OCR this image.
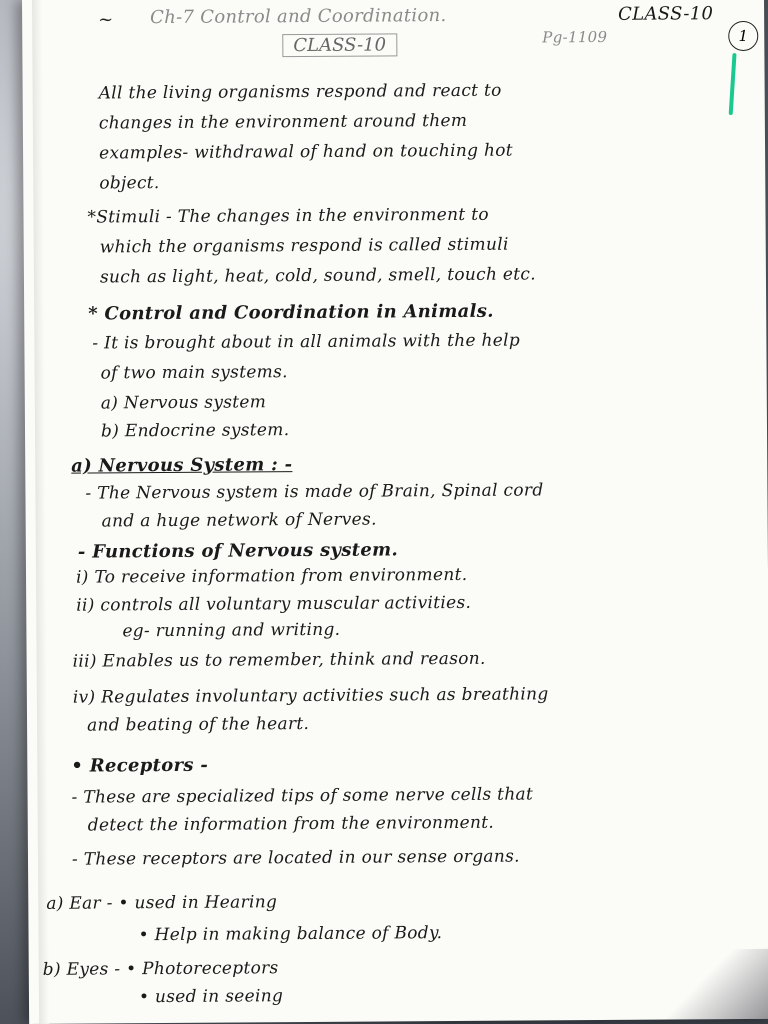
~ Ch-7 Control and Coordination.	CLASS-10
CLASS-10	Pg-1109	1
All the living organisms respond and react to
changes in the environment around them
examples- withdrawal of hand on touching hot
object.
*Stimuli - The changes in the environment to
which the organisms respond is called stimuli
such as light, heat, cold, sound, smell, touch etc.
* Control and Coordination in Animals.
- It is brought about in all animals with the help
of two main systems.
a) Nervous system
b) Endocrine system.
a) Nervous System : -
- The Nervous system is made of Brain, Spinal cord
and a huge network of Nerves.
- Functions of Nervous system.
i) To receive information from environment.
ii) controls all voluntary muscular activities.
eg- running and writing.
iii) Enables us to remember, think and reason.
iv) Regulates involuntary activities such as breathing
and beating of the heart.
• Receptors -
- These are specialized tips of some nerve cells that
detect the information from the environment.
- These receptors are located in our sense organs.
a) Ear - • used in Hearing
• Help in making balance of Body.
b) Eyes - • Photoreceptors
• used in seeing
